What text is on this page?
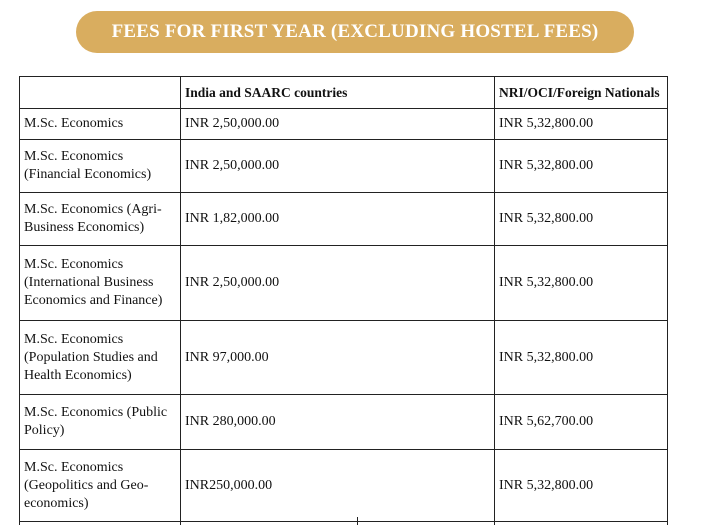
FEES FOR FIRST YEAR (EXCLUDING HOSTEL FEES)
	India and SAARC countries	NRI/OCI/Foreign Nationals
M.Sc. Economics	INR 2,50,000.00	INR 5,32,800.00
M.Sc. Economics (Financial Economics)	INR 2,50,000.00	INR 5,32,800.00
M.Sc. Economics (Agri-Business Economics)	INR 1,82,000.00	INR 5,32,800.00
M.Sc. Economics (International Business Economics and Finance)	INR 2,50,000.00	INR 5,32,800.00
M.Sc. Economics (Population Studies and Health Economics)	INR 97,000.00	INR 5,32,800.00
M.Sc. Economics (Public Policy)	INR 280,000.00	INR 5,62,700.00
M.Sc. Economics (Geopolitics and Geo-economics)	INR250,000.00	INR 5,32,800.00
